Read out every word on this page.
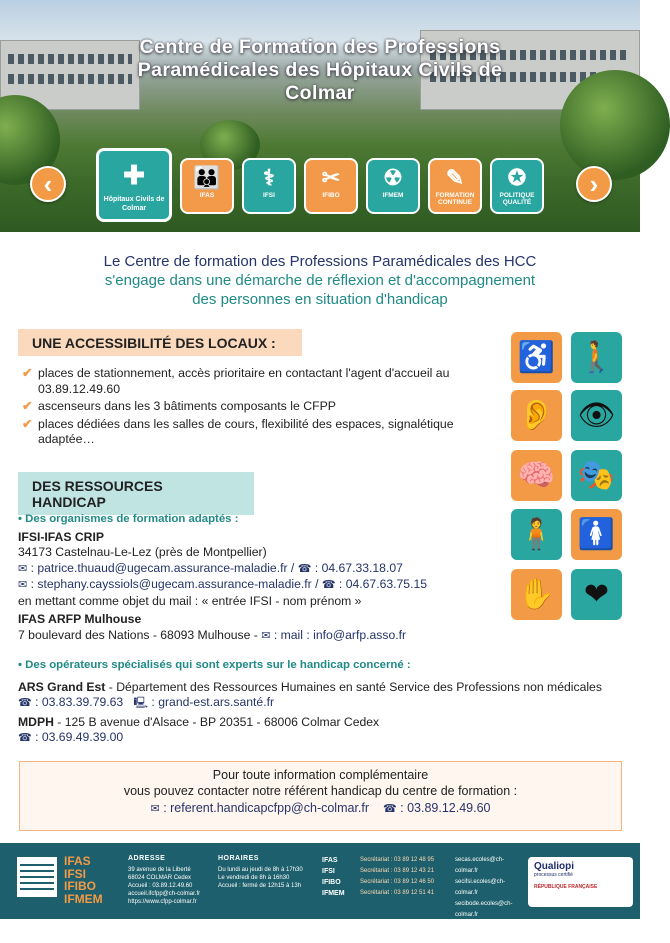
Centre de Formation des Professions
Paramédicales des Hôpitaux Civils de
Colmar
‹	›
✚
Hôpitaux Civils de Colmar
👪
IFAS
⚕
IFSI
✂
IFIBO
☢
IFMEM
✎
FORMATION CONTINUE
✪
POLITIQUE QUALITÉ
Le Centre de formation des Professions Paramédicales des HCC
s'engage dans une démarche de réflexion et d'accompagnement
des personnes en situation d'handicap
UNE ACCESSIBILITÉ DES LOCAUX :
✔ places de stationnement, accès prioritaire en contactant l'agent d'accueil au 03.89.12.49.60
✔ ascenseurs dans les 3 bâtiments composants le CFPP
✔ places dédiées dans les salles de cours, flexibilité des espaces, signalétique adaptée…
♿ 🚶
👂 👁
🧠 🎭
🧍 🚺
✋ ❤
DES RESSOURCES HANDICAP
• Des organismes de formation adaptés :
IFSI-IFAS CRIP
34173 Castelnau-Le-Lez (près de Montpellier)
✉ : patrice.thuaud@ugecam.assurance-maladie.fr / ☎ : 04.67.33.18.07
✉ : stephany.cayssiols@ugecam.assurance-maladie.fr / ☎ : 04.67.63.75.15
en mettant comme objet du mail : « entrée IFSI - nom prénom »
IFAS ARFP Mulhouse
7 boulevard des Nations - 68093 Mulhouse - ✉ : mail : info@arfp.asso.fr
• Des opérateurs spécialisés qui sont experts sur le handicap concerné :
ARS Grand Est - Département des Ressources Humaines en santé Service des Professions non médicales
☎ : 03.83.39.79.63 🖳 : grand-est.ars.santé.fr
MDPH - 125 B avenue d'Alsace - BP 20351 - 68006 Colmar Cedex
☎ : 03.69.49.39.00
Pour toute information complémentaire
vous pouvez contacter notre référent handicap du centre de formation :
✉ : referent.handicapcfpp@ch-colmar.fr ☎ : 03.89.12.49.60
IFAS
IFSI
IFIBO
IFMEM
ADRESSE
39 avenue de la Liberté
68024 COLMAR Cedex
Accueil : 03.89.12.49.60
accueil.ifcfpp@ch-colmar.fr
https://www.cfpp-colmar.fr
HORAIRES
Du lundi au jeudi de 8h à 17h30
Le vendredi de 8h à 16h30
Accueil : fermé de 12h15 à 13h
IFAS
IFSI
IFIBO
IFMEM
Secrétariat : 03 89 12 48 95
Secrétariat : 03 89 12 43 21
Secrétariat : 03 89 12 46 50
Secrétariat : 03 89 12 51 41
secas.ecoles@ch-colmar.fr
secifsi.ecoles@ch-colmar.fr
secibode.ecoles@ch-colmar.fr
secifmem.ecoles@ch-colmar.fr
Qualiopi
processus certifié
RÉPUBLIQUE FRANÇAISE
